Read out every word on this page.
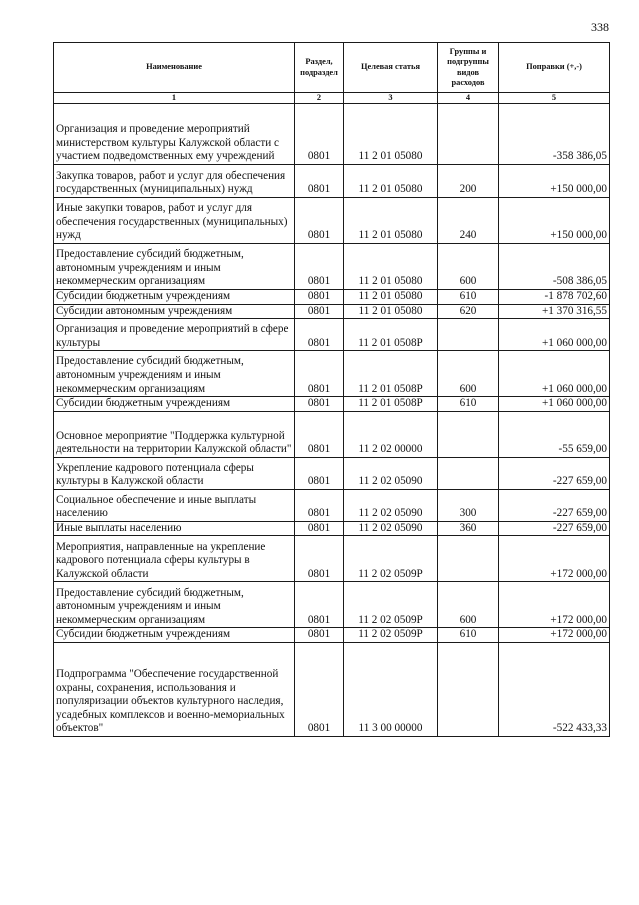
338
Наименование	Раздел, подраздел	Целевая статья	Группы и подгруппы видов расходов	Поправки (+,-)
1	2	3	4	5
Организация и проведение мероприятий министерством культуры Калужской области с участием подведомственных ему учреждений	0801	11 2 01 05080		-358 386,05
Закупка товаров, работ и услуг для обеспечения государственных (муниципальных) нужд	0801	11 2 01 05080	200	+150 000,00
Иные закупки товаров, работ и услуг для обеспечения государственных (муниципальных) нужд	0801	11 2 01 05080	240	+150 000,00
Предоставление субсидий бюджетным, автономным учреждениям и иным некоммерческим организациям	0801	11 2 01 05080	600	-508 386,05
Субсидии бюджетным учреждениям	0801	11 2 01 05080	610	-1 878 702,60
Субсидии автономным учреждениям	0801	11 2 01 05080	620	+1 370 316,55
Организация и проведение мероприятий в сфере культуры	0801	11 2 01 0508Р		+1 060 000,00
Предоставление субсидий бюджетным, автономным учреждениям и иным некоммерческим организациям	0801	11 2 01 0508Р	600	+1 060 000,00
Субсидии бюджетным учреждениям	0801	11 2 01 0508Р	610	+1 060 000,00
Основное мероприятие "Поддержка культурной деятельности на территории Калужской области"	0801	11 2 02 00000		-55 659,00
Укрепление кадрового потенциала сферы культуры в Калужской области	0801	11 2 02 05090		-227 659,00
Социальное обеспечение и иные выплаты населению	0801	11 2 02 05090	300	-227 659,00
Иные выплаты населению	0801	11 2 02 05090	360	-227 659,00
Мероприятия, направленные на укрепление кадрового потенциала сферы культуры в Калужской области	0801	11 2 02 0509Р		+172 000,00
Предоставление субсидий бюджетным, автономным учреждениям и иным некоммерческим организациям	0801	11 2 02 0509Р	600	+172 000,00
Субсидии бюджетным учреждениям	0801	11 2 02 0509Р	610	+172 000,00
Подпрограмма "Обеспечение государственной охраны, сохранения, использования и популяризации объектов культурного наследия, усадебных комплексов и военно-мемориальных объектов"	0801	11 3 00 00000		-522 433,33
